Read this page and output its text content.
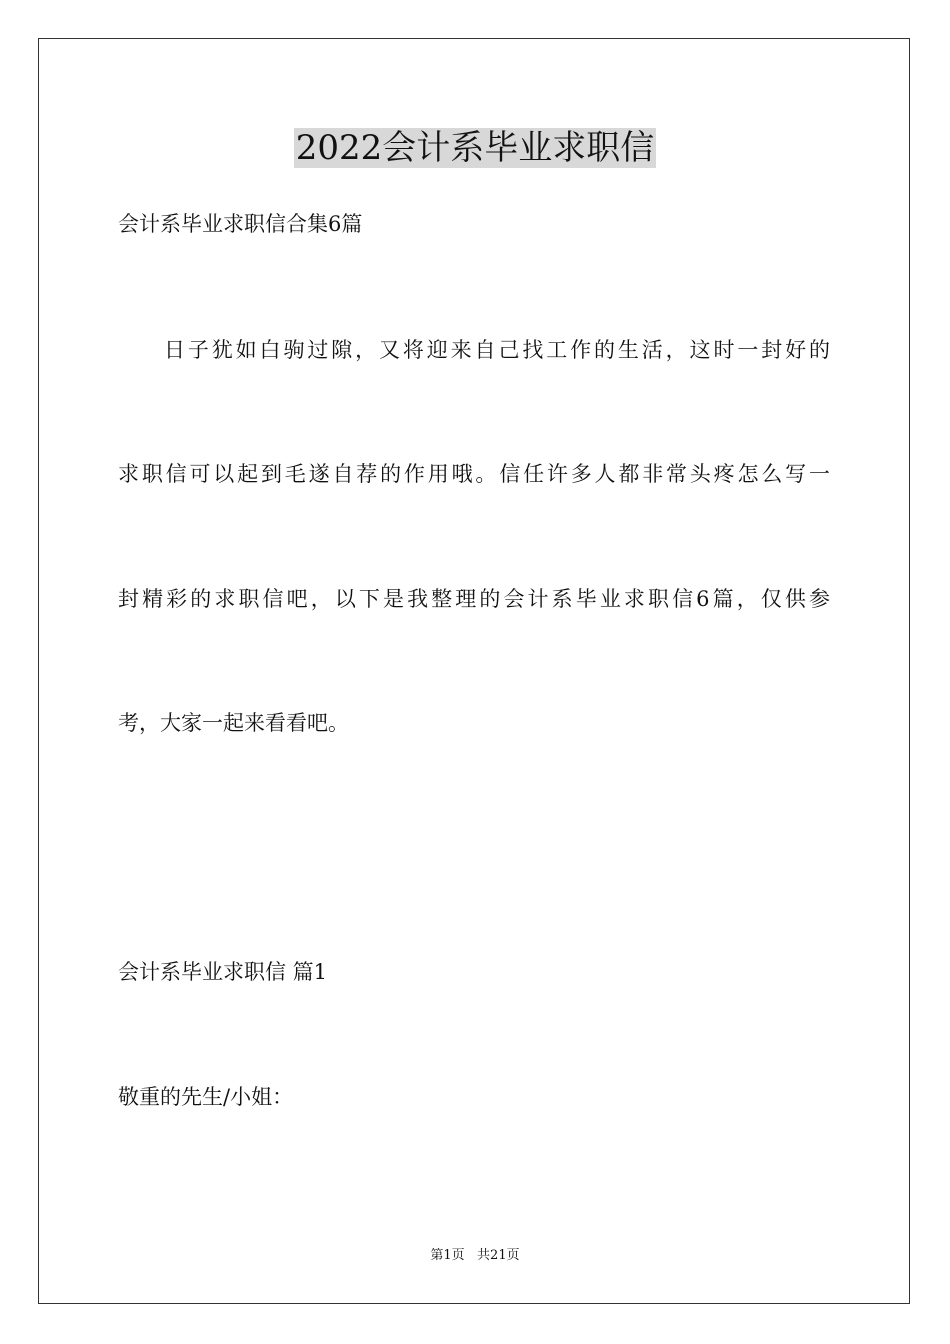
2022会计系毕业求职信

会计系毕业求职信合集6篇

日子犹如白驹过隙，又将迎来自己找工作的生活，这时一封好的

求职信可以起到毛遂自荐的作用哦。信任许多人都非常头疼怎么写一

封精彩的求职信吧，以下是我整理的会计系毕业求职信6篇，仅供参

考，大家一起来看看吧。

会计系毕业求职信 篇1

敬重的先生/小姐：

第1页   共21页
